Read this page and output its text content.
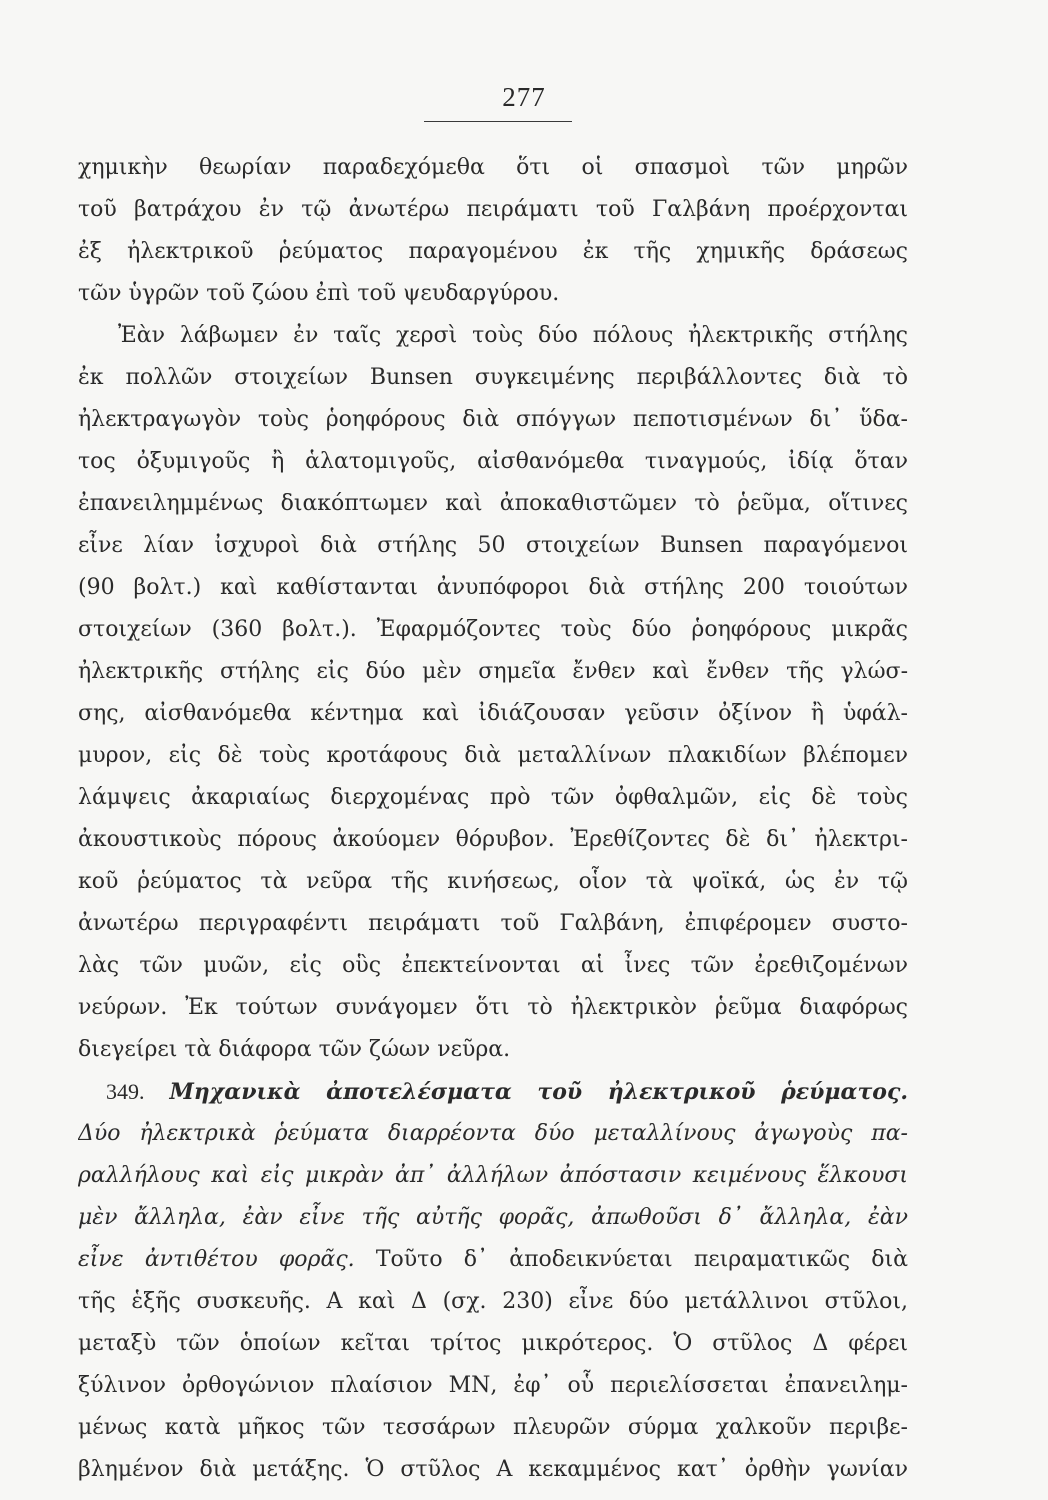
277
χημικὴν θεωρίαν παραδεχόμεθα ὅτι οἱ σπασμοὶ τῶν μηρῶν
τοῦ βατράχου ἐν τῷ ἀνωτέρω πειράματι τοῦ Γαλβάνη προέρχονται
ἐξ ἠλεκτρικοῦ ῥεύματος παραγομένου ἐκ τῆς χημικῆς δράσεως
τῶν ὑγρῶν τοῦ ζώου ἐπὶ τοῦ ψευδαργύρου.
Ἐὰν λάβωμεν ἐν ταῖς χερσὶ τοὺς δύο πόλους ἠλεκτρικῆς στήλης
ἐκ πολλῶν στοιχείων Bunsen συγκειμένης περιβάλλοντες διὰ τὸ
ἠλεκτραγωγὸν τοὺς ῥοηφόρους διὰ σπόγγων πεποτισμένων δι᾽ ὕδα-
τος ὀξυμιγοῦς ἢ ἁλατομιγοῦς, αἰσθανόμεθα τιναγμούς, ἰδίᾳ ὅταν
ἐπανειλημμένως διακόπτωμεν καὶ ἀποκαθιστῶμεν τὸ ῥεῦμα, οἵτινες
εἶνε λίαν ἰσχυροὶ διὰ στήλης 50 στοιχείων Bunsen παραγόμενοι
(90 βολτ.) καὶ καθίστανται ἀνυπόφοροι διὰ στήλης 200 τοιούτων
στοιχείων (360 βολτ.). Ἐφαρμόζοντες τοὺς δύο ῥοηφόρους μικρᾶς
ἠλεκτρικῆς στήλης εἰς δύο μὲν σημεῖα ἔνθεν καὶ ἔνθεν τῆς γλώσ-
σης, αἰσθανόμεθα κέντημα καὶ ἰδιάζουσαν γεῦσιν ὀξίνον ἢ ὑφάλ-
μυρον, εἰς δὲ τοὺς κροτάφους διὰ μεταλλίνων πλακιδίων βλέπομεν
λάμψεις ἀκαριαίως διερχομένας πρὸ τῶν ὀφθαλμῶν, εἰς δὲ τοὺς
ἀκουστικοὺς πόρους ἀκούομεν θόρυβον. Ἐρεθίζοντες δὲ δι᾽ ἠλεκτρι-
κοῦ ῥεύματος τὰ νεῦρα τῆς κινήσεως, οἷον τὰ ψοϊκά, ὡς ἐν τῷ
ἀνωτέρω περιγραφέντι πειράματι τοῦ Γαλβάνη, ἐπιφέρομεν συστο-
λὰς τῶν μυῶν, εἰς οὓς ἐπεκτείνονται αἱ ἶνες τῶν ἐρεθιζομένων
νεύρων. Ἐκ τούτων συνάγομεν ὅτι τὸ ἠλεκτρικὸν ῥεῦμα διαφόρως
διεγείρει τὰ διάφορα τῶν ζώων νεῦρα.
349. Μηχανικὰ ἀποτελέσματα τοῦ ἠλεκτρικοῦ ῥεύματος.
Δύο ἠλεκτρικὰ ῥεύματα διαρρέοντα δύο μεταλλίνους ἀγωγοὺς πα-
ραλλήλους καὶ εἰς μικρὰν ἀπ᾽ ἀλλήλων ἀπόστασιν κειμένους ἕλκουσι
μὲν ἄλληλα, ἐὰν εἶνε τῆς αὐτῆς φορᾶς, ἀπωθοῦσι δ᾽ ἄλληλα, ἐὰν
εἶνε ἀντιθέτου φορᾶς. Τοῦτο δ᾽ ἀποδεικνύεται πειραματικῶς διὰ
τῆς ἑξῆς συσκευῆς. Α καὶ Δ (σχ. 230) εἶνε δύο μετάλλινοι στῦλοι,
μεταξὺ τῶν ὁποίων κεῖται τρίτος μικρότερος. Ὁ στῦλος Δ φέρει
ξύλινον ὀρθογώνιον πλαίσιον ΜΝ, ἐφ᾽ οὗ περιελίσσεται ἐπανειλημ-
μένως κατὰ μῆκος τῶν τεσσάρων πλευρῶν σύρμα χαλκοῦν περιβε-
βλημένον διὰ μετάξης. Ὁ στῦλος Α κεκαμμένος κατ᾽ ὀρθὴν γωνίαν
